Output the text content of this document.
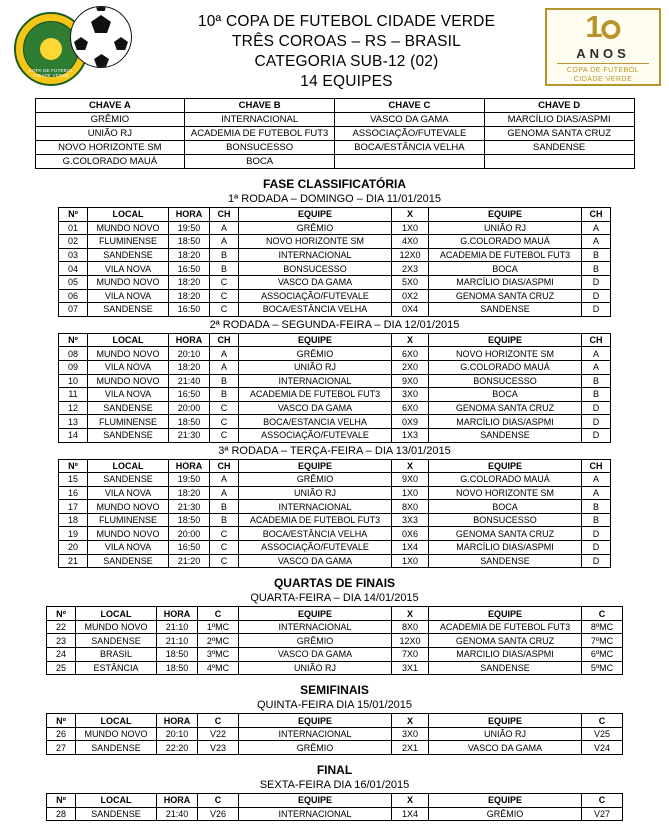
COPA DE FUTEBOL CIDADE VERDE
10ª COPA DE FUTEBOL CIDADE VERDE
TRÊS COROAS – RS – BRASIL
CATEGORIA SUB-12 (02)
14 EQUIPES
1
ANOS
COPA DE FUTEBOL
CIDADE VERDE
CHAVE A	CHAVE B	CHAVE C	CHAVE D
GRÊMIO	INTERNACIONAL	VASCO DA GAMA	MARCÍLIO DIAS/ASPMI
UNIÃO RJ	ACADEMIA DE FUTEBOL FUT3	ASSOCIAÇÃO/FUTEVALE	GENOMA SANTA CRUZ
NOVO HORIZONTE SM	BONSUCESSO	BOCA/ESTÂNCIA VELHA	SANDENSE
G.COLORADO MAUÁ	BOCA		
FASE CLASSIFICATÓRIA
1ª RODADA – DOMINGO – DIA 11/01/2015
Nº	LOCAL	HORA	CH	EQUIPE	X	EQUIPE	CH
01	MUNDO NOVO	19:50	A	GRÊMIO	1X0	UNIÃO RJ	A
02	FLUMINENSE	18:50	A	NOVO HORIZONTE SM	4X0	G.COLORADO MAUÁ	A
03	SANDENSE	18:20	B	INTERNACIONAL	12X0	ACADEMIA DE FUTEBOL FUT3	B
04	VILA NOVA	16:50	B	BONSUCESSO	2X3	BOCA	B
05	MUNDO NOVO	18:20	C	VASCO DA GAMA	5X0	MARCÍLIO DIAS/ASPMI	D
06	VILA NOVA	18:20	C	ASSOCIAÇÃO/FUTEVALE	0X2	GENOMA SANTA CRUZ	D
07	SANDENSE	16:50	C	BOCA/ESTÂNCIA VELHA	0X4	SANDENSE	D
2ª RODADA – SEGUNDA-FEIRA – DIA 12/01/2015
Nº	LOCAL	HORA	CH	EQUIPE	X	EQUIPE	CH
08	MUNDO NOVO	20:10	A	GRÊMIO	6X0	NOVO HORIZONTE SM	A
09	VILA NOVA	18:20	A	UNIÃO RJ	2X0	G.COLORADO MAUÁ	A
10	MUNDO NOVO	21:40	B	INTERNACIONAL	9X0	BONSUCESSO	B
11	VILA NOVA	16:50	B	ACADEMIA DE FUTEBOL FUT3	3X0	BOCA	B
12	SANDENSE	20:00	C	VASCO DA GAMA	6X0	GENOMA SANTA CRUZ	D
13	FLUMINENSE	18:50	C	BOCA/ESTANCIA VELHA	0X9	MARCÍLIO DIAS/ASPMI	D
14	SANDENSE	21:30	C	ASSOCIAÇÃO/FUTEVALE	1X3	SANDENSE	D
3ª RODADA – TERÇA-FEIRA – DIA 13/01/2015
Nº	LOCAL	HORA	CH	EQUIPE	X	EQUIPE	CH
15	SANDENSE	19:50	A	GRÊMIO	9X0	G.COLORADO MAUÁ	A
16	VILA NOVA	18:20	A	UNIÃO RJ	1X0	NOVO HORIZONTE SM	A
17	MUNDO NOVO	21:30	B	INTERNACIONAL	8X0	BOCA	B
18	FLUMINENSE	18:50	B	ACADEMIA DE FUTEBOL FUT3	3X3	BONSUCESSO	B
19	MUNDO NOVO	20:00	C	BOCA/ESTÂNCIA VELHA	0X6	GENOMA SANTA CRUZ	D
20	VILA NOVA	16:50	C	ASSOCIAÇÃO/FUTEVALE	1X4	MARCÍLIO DIAS/ASPMI	D
21	SANDENSE	21:20	C	VASCO DA GAMA	1X0	SANDENSE	D
QUARTAS DE FINAIS
QUARTA-FEIRA – DIA 14/01/2015
Nº	LOCAL	HORA	C	EQUIPE	X	EQUIPE	C
22	MUNDO NOVO	21:10	1ºMC	INTERNACIONAL	8X0	ACADEMIA DE FUTEBOL FUT3	8ºMC
23	SANDENSE	21:10	2ºMC	GRÊMIO	12X0	GENOMA SANTA CRUZ	7ºMC
24	BRASIL	18:50	3ºMC	VASCO DA GAMA	7X0	MARCILIO DIAS/ASPMI	6ºMC
25	ESTÂNCIA	18:50	4ºMC	UNIÃO RJ	3X1	SANDENSE	5ºMC
SEMIFINAIS
QUINTA-FEIRA DIA 15/01/2015
Nº	LOCAL	HORA	C	EQUIPE	X	EQUIPE	C
26	MUNDO NOVO	20:10	V22	INTERNACIONAL	3X0	UNIÃO RJ	V25
27	SANDENSE	22:20	V23	GRÊMIO	2X1	VASCO DA GAMA	V24
FINAL
SEXTA-FEIRA DIA 16/01/2015
Nº	LOCAL	HORA	C	EQUIPE	X	EQUIPE	C
28	SANDENSE	21:40	V26	INTERNACIONAL	1X4	GRÊMIO	V27
